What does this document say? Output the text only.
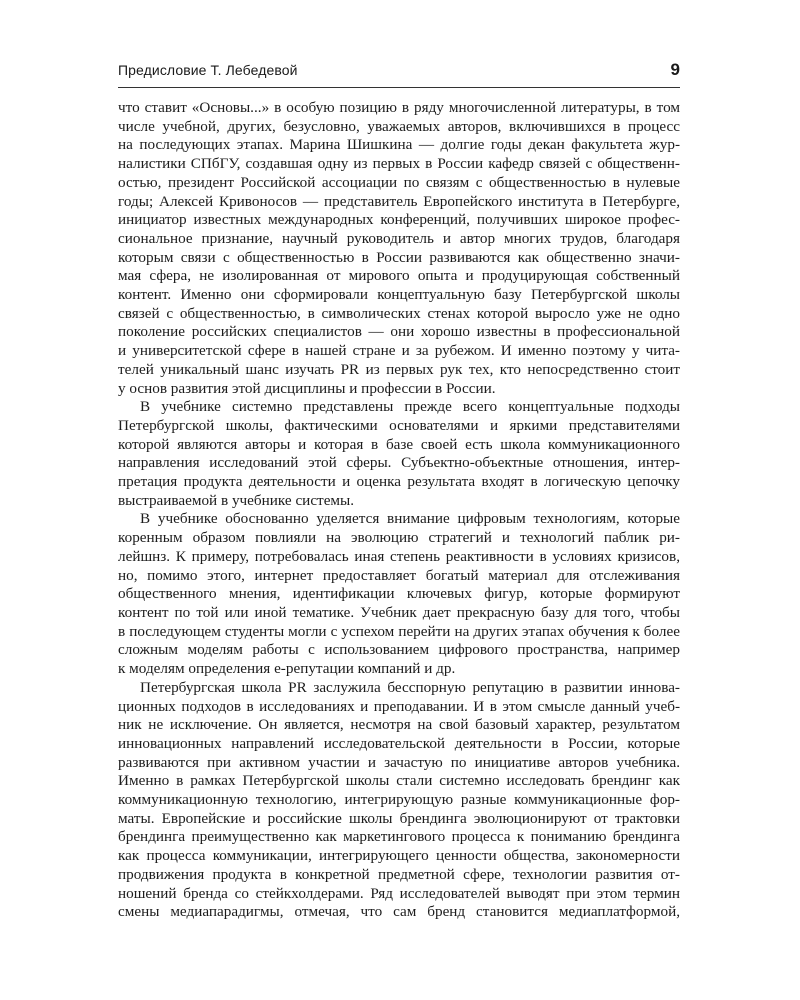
Предисловие Т. Лебедевой	9
что ставит «Основы...» в особую позицию в ряду многочисленной литературы, в том
числе учебной, других, безусловно, уважаемых авторов, включившихся в процесс
на последующих этапах. Марина Шишкина — долгие годы декан факультета жур-
налистики СПбГУ, создавшая одну из первых в России кафедр связей с общественн-
остью, президент Российской ассоциации по связям с общественностью в нулевые
годы; Алексей Кривоносов — представитель Европейского института в Петербурге,
инициатор известных международных конференций, получивших широкое профес-
сиональное признание, научный руководитель и автор многих трудов, благодаря
которым связи с общественностью в России развиваются как общественно значи-
мая сфера, не изолированная от мирового опыта и продуцирующая собственный
контент. Именно они сформировали концептуальную базу Петербургской школы
связей с общественностью, в символических стенах которой выросло уже не одно
поколение российских специалистов — они хорошо известны в профессиональной
и университетской сфере в нашей стране и за рубежом. И именно поэтому у чита-
телей уникальный шанс изучать PR из первых рук тех, кто непосредственно стоит
у основ развития этой дисциплины и профессии в России.
В учебнике системно представлены прежде всего концептуальные подходы
Петербургской школы, фактическими основателями и яркими представителями
которой являются авторы и которая в базе своей есть школа коммуникационного
направления исследований этой сферы. Субъектно-объектные отношения, интер-
претация продукта деятельности и оценка результата входят в логическую цепочку
выстраиваемой в учебнике системы.
В учебнике обоснованно уделяется внимание цифровым технологиям, которые
коренным образом повлияли на эволюцию стратегий и технологий паблик ри-
лейшнз. К примеру, потребовалась иная степень реактивности в условиях кризисов,
но, помимо этого, интернет предоставляет богатый материал для отслеживания
общественного мнения, идентификации ключевых фигур, которые формируют
контент по той или иной тематике. Учебник дает прекрасную базу для того, чтобы
в последующем студенты могли с успехом перейти на других этапах обучения к более
сложным моделям работы с использованием цифрового пространства, например
к моделям определения е-репутации компаний и др.
Петербургская школа PR заслужила бесспорную репутацию в развитии иннова-
ционных подходов в исследованиях и преподавании. И в этом смысле данный учеб-
ник не исключение. Он является, несмотря на свой базовый характер, результатом
инновационных направлений исследовательской деятельности в России, которые
развиваются при активном участии и зачастую по инициативе авторов учебника.
Именно в рамках Петербургской школы стали системно исследовать брендинг как
коммуникационную технологию, интегрирующую разные коммуникационные фор-
маты. Европейские и российские школы брендинга эволюционируют от трактовки
брендинга преимущественно как маркетингового процесса к пониманию брендинга
как процесса коммуникации, интегрирующего ценности общества, закономерности
продвижения продукта в конкретной предметной сфере, технологии развития от-
ношений бренда со стейкхолдерами. Ряд исследователей выводят при этом термин
смены медиапарадигмы, отмечая, что сам бренд становится медиаплатформой,
